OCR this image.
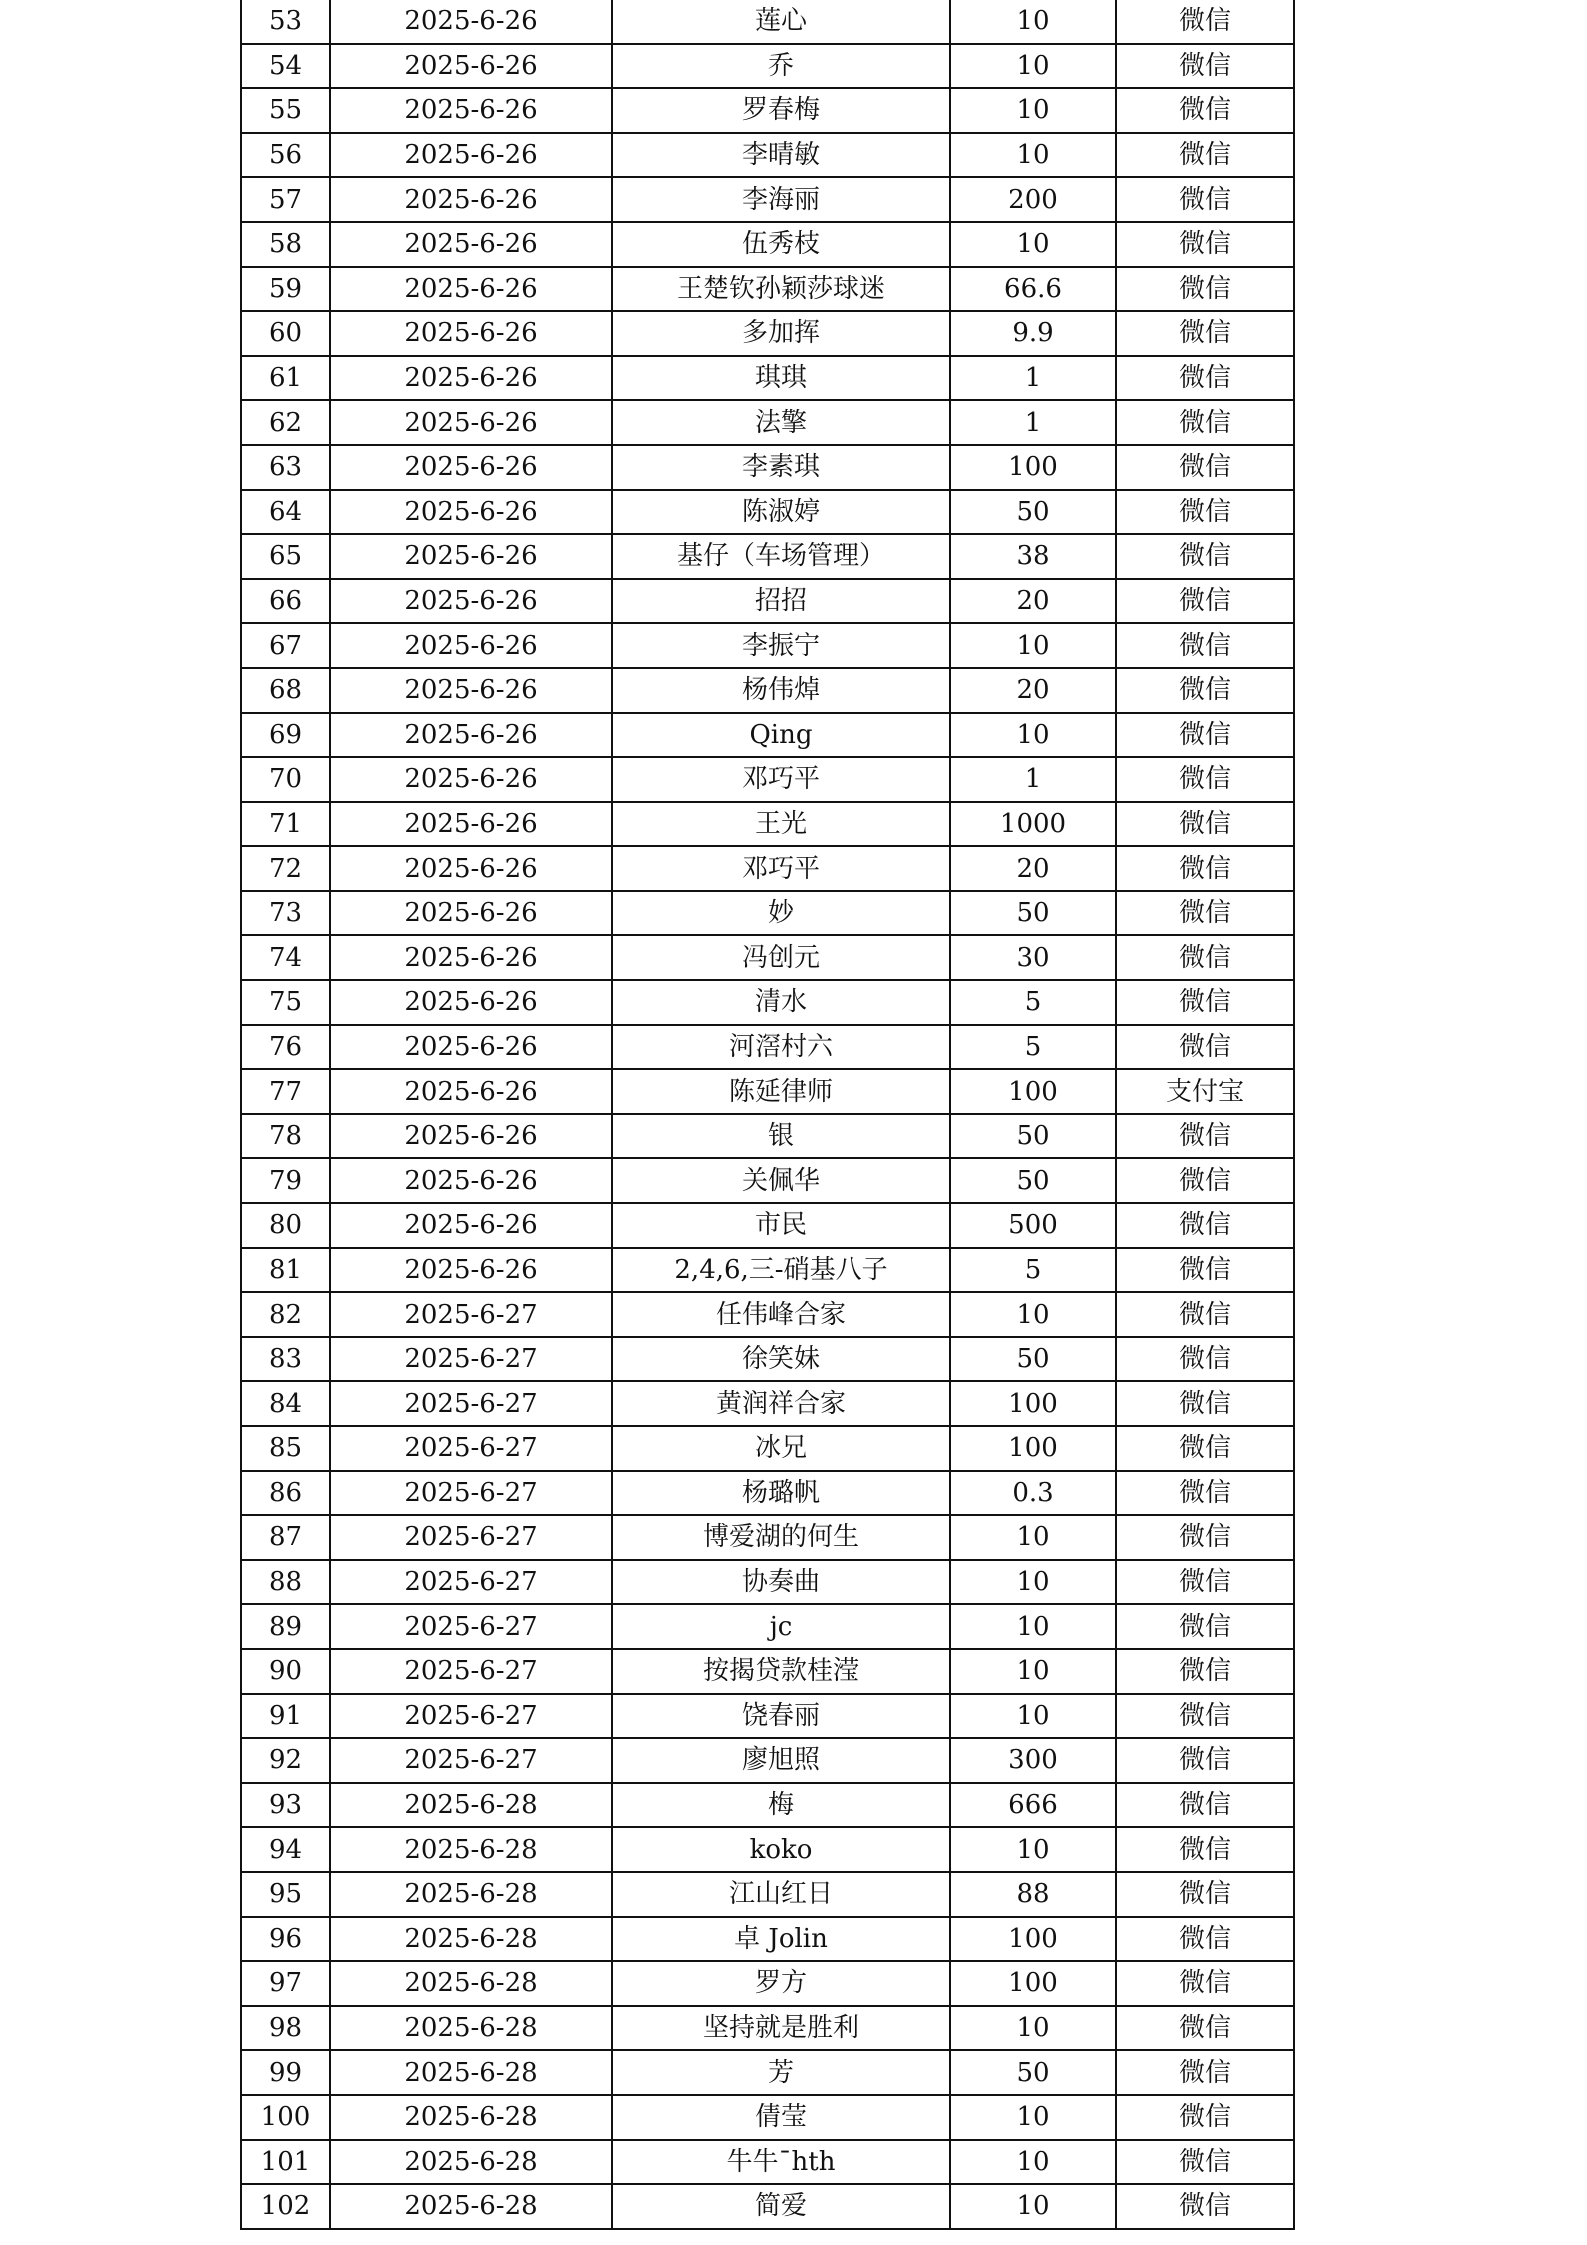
53	2025-6-26	莲心	10	微信
54	2025-6-26	乔	10	微信
55	2025-6-26	罗春梅	10	微信
56	2025-6-26	李晴敏	10	微信
57	2025-6-26	李海丽	200	微信
58	2025-6-26	伍秀枝	10	微信
59	2025-6-26	王楚钦孙颖莎球迷	66.6	微信
60	2025-6-26	多加挥	9.9	微信
61	2025-6-26	琪琪	1	微信
62	2025-6-26	法擎	1	微信
63	2025-6-26	李素琪	100	微信
64	2025-6-26	陈淑婷	50	微信
65	2025-6-26	基仔（车场管理）	38	微信
66	2025-6-26	招招	20	微信
67	2025-6-26	李振宁	10	微信
68	2025-6-26	杨伟焯	20	微信
69	2025-6-26	Qing	10	微信
70	2025-6-26	邓巧平	1	微信
71	2025-6-26	王光	1000	微信
72	2025-6-26	邓巧平	20	微信
73	2025-6-26	妙	50	微信
74	2025-6-26	冯创元	30	微信
75	2025-6-26	清水	5	微信
76	2025-6-26	河滘村六	5	微信
77	2025-6-26	陈延律师	100	支付宝
78	2025-6-26	银	50	微信
79	2025-6-26	关佩华	50	微信
80	2025-6-26	市民	500	微信
81	2025-6-26	2,4,6,三-硝基八子	5	微信
82	2025-6-27	任伟峰合家	10	微信
83	2025-6-27	徐笑妹	50	微信
84	2025-6-27	黄润祥合家	100	微信
85	2025-6-27	冰兄	100	微信
86	2025-6-27	杨璐帆	0.3	微信
87	2025-6-27	博爱湖的何生	10	微信
88	2025-6-27	协奏曲	10	微信
89	2025-6-27	jc	10	微信
90	2025-6-27	按揭贷款桂滢	10	微信
91	2025-6-27	饶春丽	10	微信
92	2025-6-27	廖旭照	300	微信
93	2025-6-28	梅	666	微信
94	2025-6-28	koko	10	微信
95	2025-6-28	江山红日	88	微信
96	2025-6-28	卓 Jolin	100	微信
97	2025-6-28	罗方	100	微信
98	2025-6-28	坚持就是胜利	10	微信
99	2025-6-28	芳	50	微信
100	2025-6-28	倩莹	10	微信
101	2025-6-28	牛牛¯hth	10	微信
102	2025-6-28	简爱	10	微信
